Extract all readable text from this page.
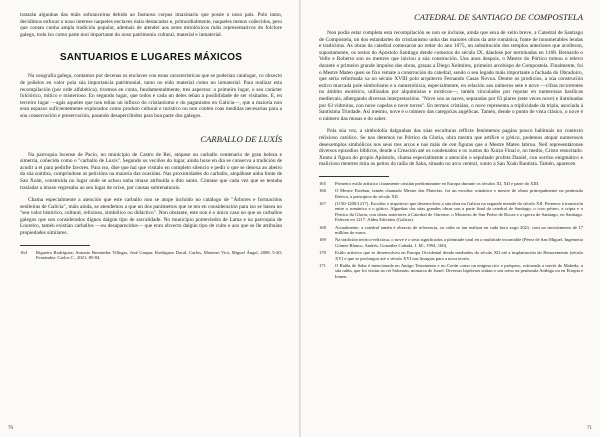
tratarán algunhas das máis sobranceiras debido ao fastuoso corpus imaxinario que posúe o noso país. Polo tanto, decidimos enfocar o noso interese naqueles enclaves máis destacados e, primordialmente, naqueles menos coñecidos, pero que contan cunha ampla tradición popular, ademais de atender aos seres mitolóxicos máis representativos do folclore galego, todo iso como parte moi importante do noso patrimonio cultural, material e inmaterial.

SANTUARIOS E LUGARES MÁXICOS

Na xeografía galega, contamos por decenas os enclaves con estas características que se poderían catalogar, co obxecto de poñelos en valor pola súa importancia patrimonial, tanto no eido material como no inmaterial. Para realizar esta recompilación (por orde alfabética), tivemos en conta, fundamentalmente, tres aspectos: o primeiro lugar, o seu carácter folclórico, mítico e misterioso. En segundo lugar, que todos e cada un deles teñan a posibilidade de ser visitados. E, en terceiro lugar —agás aqueles que non teñan un influxo do cristianismo e do paganismo en Galicia—, que a maioría non eran espazos suficientemente explorados como produto cultural e turístico ou non conten coas medidas necesarias para a súa conservación e preservación, pasando desapercibidos para boa parte dos galegos.

CARBALLO DE LUXÍS

Na parroquia lucense de Pacio, no municipio de Castro de Rei, atópase un carballo centenario de gran beleza e simetría, coñecido como o "carballo de Luxís". Segundo os veciños do lugar, ainda hoxe en día se conserva a tradición de acudir a el para pedirlle favores. Para iso, dise que hai que visitalo en completo silencio e pedir o que se desexa ao abeiro da súa sombra, cumprindose as peticións na maioría das ocasións. Nas proximidades do carballo, atopábase unha fonte de San Xoán, construída no lugar onde se achou unha imaxe atribuída a dito santo. Cóntase que cada vez que se tentaba trasladar a imaxe regresaba ao seu lugar de orixe, por causas sobrenaturais.

Chama especialmente a atención que este carballo non se atope incluído no catálogo de "Árbores e formacións senlleiras de Galicia", máis ainda, se atendemos a que un dos parámetros que se ten en consideración para iso se basea no "seu valor histórico, cultural, relixioso, simbólico ou didáctico". Non obstante, este non é o único caso no que os carballos galegos que son considerados dignos dalgún tipo de sacralidade. No municipio ponteviedra de Lama e na parroquia de Loureiro, tamén existían carballos —ou desaparecidos— que eran obxecto dalgún tipo de culto e aos que se lle atribuían propiedades similares.

164	Rigueiro Rodríguez, Antonio Bernárdez Villegas, José Gaspar, Rodríguez Dacal, Carlos, Montero Vioi, Miguel Ángel, 2008, 5-20; Fernández, Carlos C., 2021, 85-84.
70
CATEDRAL DE SANTIAGO DE COMPOSTELA

Non podía estar completa esta recompilación se non se incluíse, ainda que sexa de xeito breve, a Catedral de Santiago de Compostela, un dos estandartes do cristianismo unha das maiores obras da arte románica, fonte de innumerables lendas e tradicións. As obras da catedral comezaron ao redor do ano 1075, un substitución dos templos anteriores que acolleron, supostamente, os restos do Apóstolo Santiago dende comezos do século IX, dándose por terminadas en 1168. Bernardo o Vello e Roberto son os mestres que iniciou a súa construción. Uns anos despois, o Mestre do Pórtico tomou o relevo durante o primeiro grande impulso das obras, grazas a Diego Xelmírez, primeiro arcebispo de Compostela. Finalmente, foi o Mestre Mateo quen se fixo remate a construción da catedral, sendo o seu legado máis importante a fachada do Obradoiro, que sería reformada xa no século XVIII polo arquitecto Fernando Casas Novoa. Dentre os prodixios, a súa construción estivo marcada pole simbolismo e a numerolóxía, especialmente, en relación aos números sete e nove —cifras recorrentes no ámbito esotérico, utilizadas por alquimistas e místicos—, tamén vinculados por reputar en numerosas basílicas medievais, albergando diversas interpretacións. "Nove son as naves, separadas por 63 piares (sete veces nove) e iluminadas por 63 vidreiras, con nove capelas e nove torres". En termos cristiáns, o nove representa a triplicidade da tripla, asociada á Santísima Trindade. Así mesmo, nove é o número das categorías angélicas. Tamén, dende o punto de vista clásico, o nove é o número das musas e do saber.

Pola súa vez, a simbololía dalgunhas das súas esculturas reflicte fenómenos pagáns pouco habituais no contexto relixioso católico. Se nos detemos no Pórtico da Gloria, obra mestra que artífice o gótico, podemos atopar numerosos desexemplos simbólicos nos seus tres arcos e nas máis de cen figuras que o Mestre Mateo labrou. Neil representáronse diversos episodios bíblicos, dende a Creación até os condenados e os xustos do Xuízo Final e, no medio, Cristo resucitado. Xunto á figura do propio Apóstolo, chama especialmente a atención o sepultado profeta Daniel, cun sorriso enigmático e malicioso mentres mira os peitos da raíña de Saba, situado no arco central, xunto a San Xoán Bautista. Tamén, aparecen

165	Primeiro estilo artístico claramente cristián predominante en Europa durante os séculos XI, XII e parte do XIII.
166	O Mestre Esteban, tamén chamado Mestre das Platerías, foi un escultor románico e mestre de obras principalmente na península Ibérica, a principios do século XII.
167	(1150-1200/1217). Escultor e arquitecto que desenvolveu a súa obra en Galicia na segunda metade do século XII. Pertence á transición entre o románico e o gótico. Algunhas das súas grandes obras son a parte final da catedral de Santiago, o coro pétreo, a cripta e o Pórtico da Gloria, con obras anteriores á Catedral de Ourense, o Mosteiro de San Pedro de Rocas e a igrexa de Santiago, en Santiago. Faleceu en 1217. Aldea Edicións (Galicia).
168	Actualmente, a catedral tamén é obxecto de referencia, xa cales se tan realizar en cada hora xogo 2021, com un investimento de 17 millóns de euros.
169	Na tradición teórico-relixiosa, o nove e o seus significados a plenitude total en a multitude incontable (Pérez de San Miguel, Ingemertz Gómez Blanco, Andrés, González Cañada, J. M., 1994, 160).
170	Estilo artístico que se desenvolveu en Europa Occidental dende mediados do século XII até a implantación do Renacemento (século XV) e que se prolongou até o século XVI nas liturgias para a nova teoría.
171	O Raíña de Saba é mencionada no Antigo Testamento e no Corán como un enigma rico e próspero, esforzada a través de Makeda, a súa raíña, que foi visitar ao rei Salomón, monarca de Israel. Diversas hipóteses sitúan o seu reino na península Arábiga ou en Etiopía e Iemen.
71
